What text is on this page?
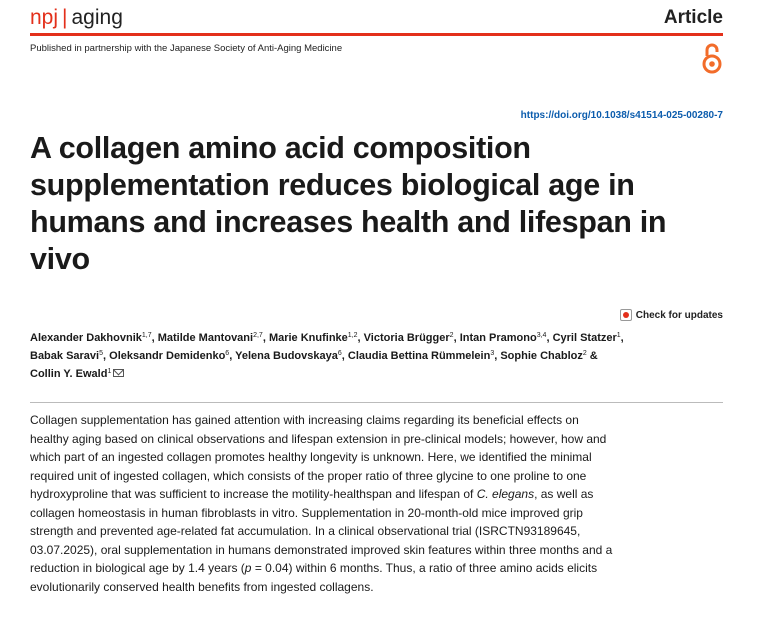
npj | aging	Article
Published in partnership with the Japanese Society of Anti-Aging Medicine
https://doi.org/10.1038/s41514-025-00280-7
A collagen amino acid composition supplementation reduces biological age in humans and increases health and lifespan in vivo
Check for updates
Alexander Dakhovnik$^{1,7}$, Matilde Mantovani$^{2,7}$, Marie Knufinke$^{1,2}$, Victoria Brügger$^2$, Intan Pramono$^{3,4}$, Cyril Statzer$^1$, Babak Saravi$^5$, Oleksandr Demidenko$^6$, Yelena Budovskaya$^6$, Claudia Bettina Rümmelein$^3$, Sophie Chabloz$^2$ & Collin Y. Ewald$^1$

Collagen supplementation has gained attention with increasing claims regarding its beneficial effects on healthy aging based on clinical observations and lifespan extension in pre-clinical models; however, how and which part of an ingested collagen promotes healthy longevity is unknown. Here, we identified the minimal required unit of ingested collagen, which consists of the proper ratio of three glycine to one proline to one hydroxyproline that was sufficient to increase the motility-healthspan and lifespan of C. elegans, as well as collagen homeostasis in human fibroblasts in vitro. Supplementation in 20-month-old mice improved grip strength and prevented age-related fat accumulation. In a clinical observational trial (ISRCTN93189645, 03.07.2025), oral supplementation in humans demonstrated improved skin features within three months and a reduction in biological age by 1.4 years (p = 0.04) within 6 months. Thus, a ratio of three amino acids elicits evolutionarily conserved health benefits from ingested collagens.
